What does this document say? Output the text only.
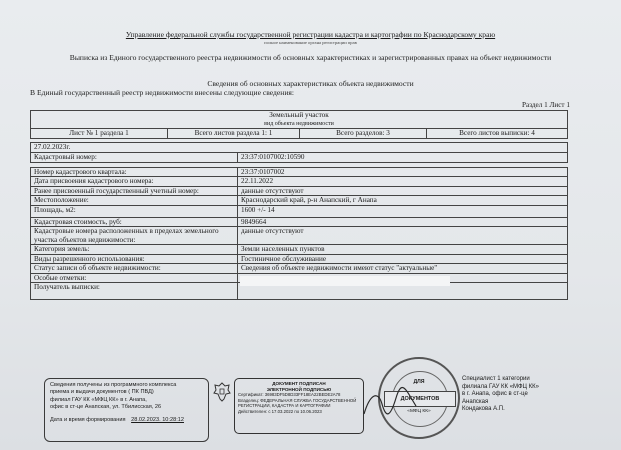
Управление федеральной службы государственной регистрации кадастра и картографии по Краснодарскому краю
полное наименование органа регистрации прав
Выписка из Единого государственного реестра недвижимости об основных характеристиках и зарегистрированных правах на объект недвижимости
Сведения об основных характеристиках объекта недвижимости
В Единый государственный реестр недвижимости внесены следующие сведения:
Раздел 1 Лист 1
Земельный участок
вид объекта недвижимости
Лист № 1 раздела 1	Всего листов раздела 1: 1	Всего разделов: 3	Всего листов выписки: 4
27.02.2023г.
Кадастровый номер:	23:37:0107002:10590

Номер кадастрового квартала:	23:37:0107002
Дата присвоения кадастрового номера:	22.11.2022
Ранее присвоенный государственный учетный номер:	данные отсутствуют
Местоположение:	Краснодарский край, р-н Анапский, г Анапа
Площадь, м2:	1600 +/- 14
Кадастровая стоимость, руб:	9849664
Кадастровые номера расположенных в пределах земельного участка объектов недвижимости:	данные отсутствуют
Категория земель:	Земли населенных пунктов
Виды разрешенного использования:	Гостиничное обслуживание
Статус записи об объекте недвижимости:	Сведения об объекте недвижимости имеют статус "актуальные"
Особые отметки:	
Получатель выписки:	
Сведения получены из программного комплекса
приема и выдачи документов ( ПК ПВД)
филиал ГАУ КК «МФЦ КК» в г. Анапа,
офис в ст-це Анапская, ул. Тбилисская, 26
Дата и время формирования 28.02.2023. 10:28:12
ДОКУМЕНТ ПОДПИСАН
ЭЛЕКТРОННОЙ ПОДПИСЬЮ
Сертификат: 36983DF5D8D33FF18EA22BEDE2A78
Владелец: ФЕДЕРАЛЬНАЯ СЛУЖБА ГОСУДАРСТВЕННОЙ
РЕГИСТРАЦИИ, КАДАСТРА И КАРТОГРАФИИ
Действителен: с 17.03.2022 по 10.06.2023
ДЛЯ
ДОКУМЕНТОВ
«МФЦ КК»
Специалист 1 категории
филиала ГАУ КК «МФЦ КК»
в г. Анапа, офис в ст-це
Анапская
Кондакова А.П.
